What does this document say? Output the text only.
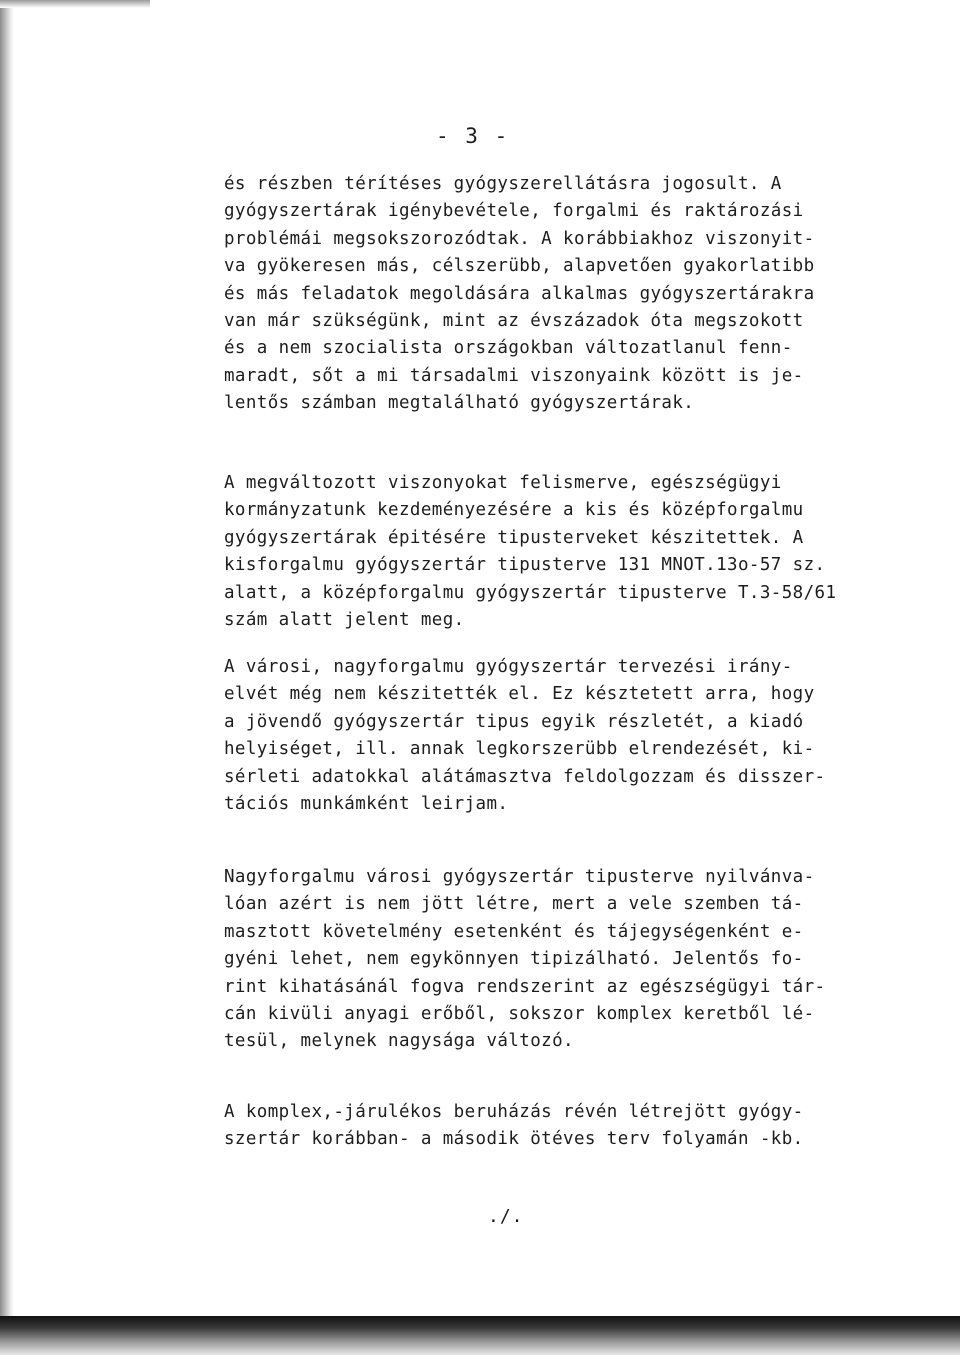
- 3 -

és részben térítéses gyógyszerellátásra jogosult. A
gyógyszertárak igénybevétele, forgalmi és raktározási
problémái megsokszorozódtak. A korábbiakhoz viszonyit-
va gyökeresen más, célszerübb, alapvetően gyakorlatibb
és más feladatok megoldására alkalmas gyógyszertárakra
van már szükségünk, mint az évszázadok óta megszokott
és a nem szocialista országokban változatlanul fenn-
maradt, sőt a mi társadalmi viszonyaink között is je-
lentős számban megtalálható gyógyszertárak.

A megváltozott viszonyokat felismerve, egészségügyi
kormányzatunk kezdeményezésére a kis és középforgalmu
gyógyszertárak épitésére tipusterveket készitettek. A
kisforgalmu gyógyszertár tipusterve 131 MNOT.13o-57 sz.
alatt, a középforgalmu gyógyszertár tipusterve T.3-58/61
szám alatt jelent meg.

A városi, nagyforgalmu gyógyszertár tervezési irány-
elvét még nem készitették el. Ez késztetett arra, hogy
a jövendő gyógyszertár tipus egyik részletét, a kiadó
helyiséget, ill. annak legkorszerübb elrendezését, ki-
sérleti adatokkal alátámasztva feldolgozzam és disszer-
tációs munkámként leirjam.

Nagyforgalmu városi gyógyszertár tipusterve nyilvánva-
lóan azért is nem jött létre, mert a vele szemben tá-
masztott követelmény esetenként és tájegységenként e-
gyéni lehet, nem egykönnyen tipizálható. Jelentős fo-
rint kihatásánál fogva rendszerint az egészségügyi tár-
cán kivüli anyagi erőből, sokszor komplex keretből lé-
tesül, melynek nagysága változó.

A komplex,-járulékos beruházás révén létrejött gyógy-
szertár korábban- a második ötéves terv folyamán -kb.

./.
